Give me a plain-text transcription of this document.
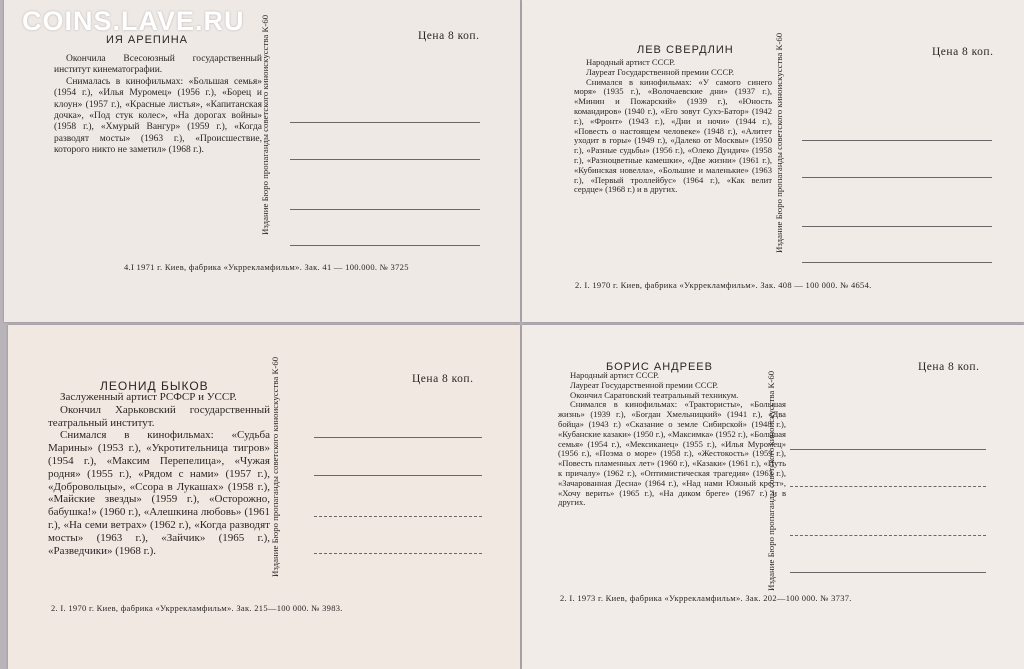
ИЯ АРЕПИНА	Цена 8 коп.

Окончила Всесоюзный государственный институт кинематографии.

Снималась в кинофильмах: «Большая семья» (1954 г.), «Илья Муромец» (1956 г.), «Борец и клоун» (1957 г.), «Красные листья», «Капитанская дочка», «Под стук колес», «На дорогах войны» (1958 г.), «Хмурый Вангур» (1959 г.), «Когда разводят мосты» (1963 г.), «Происшествие, которого никто не заметил» (1968 г.).	Издание Бюро пропаганды советского киноискусства К-60
4.I 1971 г. Киев, фабрика «Укррекламфильм». Зак. 41 — 100.000. № 3725
ЛЕВ СВЕРДЛИН	Цена 8 коп.

Народный артист СССР.

Лауреат Государственной премии СССР.

Снимался в кинофильмах: «У самого синего моря» (1935 г.), «Волочаевские дни» (1937 г.), «Минин и Пожарский» (1939 г.), «Юность командиров» (1940 г.), «Его зовут Сухэ-Батор» (1942 г.), «Фронт» (1943 г.), «Дни и ночи» (1944 г.), «Повесть о настоящем человеке» (1948 г.), «Алитет уходит в горы» (1949 г.), «Далеко от Москвы» (1950 г.), «Разные судьбы» (1956 г.), «Олеко Дундич» (1958 г.), «Разноцветные камешки», «Две жизни» (1961 г.), «Кубинская новелла», «Большие и маленькие» (1963 г.), «Первый троллейбус» (1964 г.), «Как велит сердце» (1968 г.) и в других.	Издание Бюро пропаганды советского киноискусства К-60
2. I. 1970 г. Киев, фабрика «Укррекламфильм». Зак. 408 — 100 000. № 4654.
ЛЕОНИД БЫКОВ	Цена 8 коп.

Заслуженный артист РСФСР и УССР.

Окончил Харьковский государственный театральный институт.

Снимался в кинофильмах: «Судьба Марины» (1953 г.), «Укротительница тигров» (1954 г.), «Максим Перепелица», «Чужая родня» (1955 г.), «Рядом с нами» (1957 г.), «Добровольцы», «Ссора в Лукашах» (1958 г.), «Майские звезды» (1959 г.), «Осторожно, бабушка!» (1960 г.), «Алешкина любовь» (1961 г.), «На семи ветрах» (1962 г.), «Когда разводят мосты» (1963 г.), «Зайчик» (1965 г.), «Разведчики» (1968 г.).	Издание Бюро пропаганды советского киноискусства К-60
2. I. 1970 г. Киев, фабрика «Укррекламфильм». Зак. 215—100 000. № 3983.
БОРИС АНДРЕЕВ	Цена 8 коп.

Народный артист СССР.

Лауреат Государственной премии СССР.

Окончил Саратовский театральный техникум.

Снимался в кинофильмах: «Трактористы», «Большая жизнь» (1939 г.), «Богдан Хмельницкий» (1941 г.), «Два бойца» (1943 г.) «Сказание о земле Сибирской» (1948 г.), «Кубанские казаки» (1950 г.), «Максимка» (1952 г.), «Большая семья» (1954 г.), «Мексиканец» (1955 г.), «Илья Муромец» (1956 г.), «Поэма о море» (1958 г.), «Жестокость» (1959 г.), «Повесть пламенных лет» (1960 г.), «Казаки» (1961 г.), «Путь к причалу» (1962 г.), «Оптимистическая трагедия» (1963 г.), «Зачарованная Десна» (1964 г.), «Над нами Южный крест», «Хочу верить» (1965 г.), «На диком бреге» (1967 г.) и в других.	Издание Бюро пропаганды советского киноискусства К-60
2. I. 1973 г. Киев, фабрика «Укррекламфильм». Зак. 202—100 000. № 3737.
COINS.LAVE.RU
